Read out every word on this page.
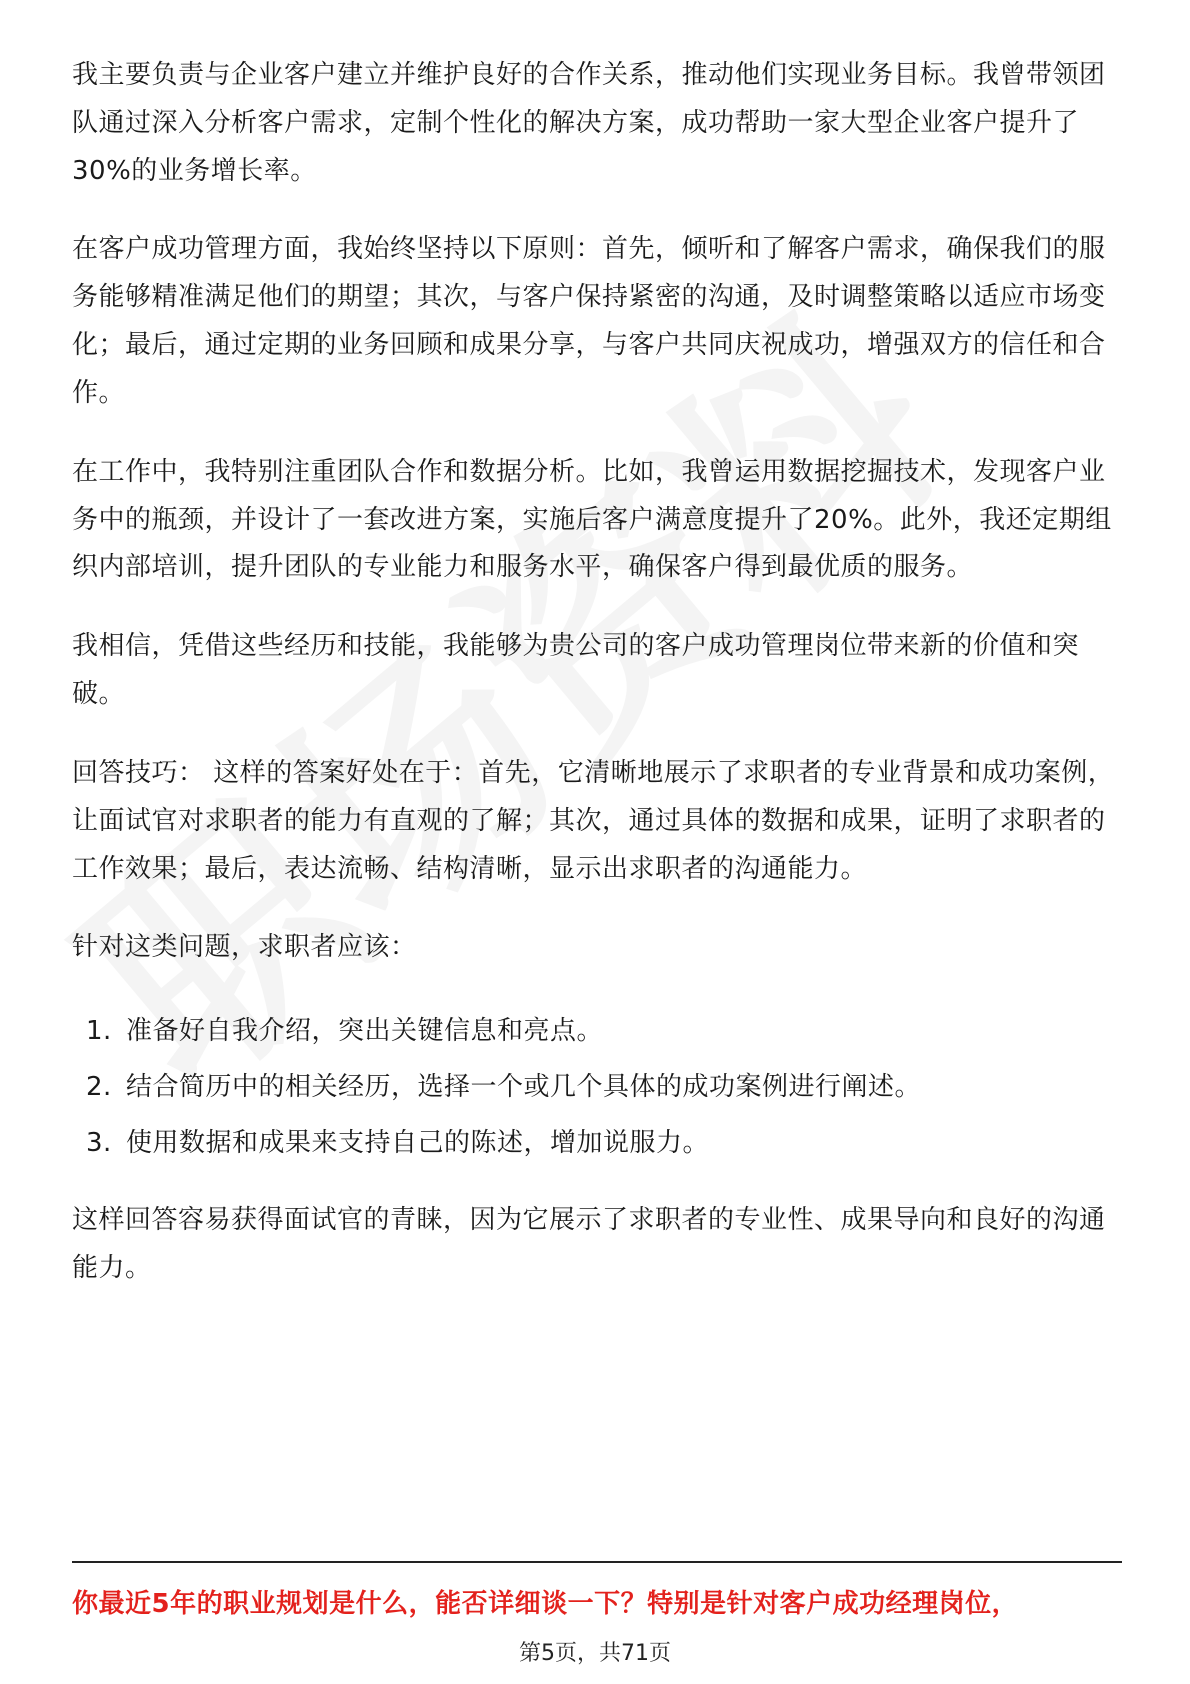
我主要负责与企业客户建立并维护良好的合作关系，推动他们实现业务目标。我曾带领团队通过深入分析客户需求，定制个性化的解决方案，成功帮助一家大型企业客户提升了30%的业务增长率。

在客户成功管理方面，我始终坚持以下原则：首先，倾听和了解客户需求，确保我们的服务能够精准满足他们的期望；其次，与客户保持紧密的沟通，及时调整策略以适应市场变化；最后，通过定期的业务回顾和成果分享，与客户共同庆祝成功，增强双方的信任和合作。

在工作中，我特别注重团队合作和数据分析。比如，我曾运用数据挖掘技术，发现客户业务中的瓶颈，并设计了一套改进方案，实施后客户满意度提升了20%。此外，我还定期组织内部培训，提升团队的专业能力和服务水平，确保客户得到最优质的服务。

我相信，凭借这些经历和技能，我能够为贵公司的客户成功管理岗位带来新的价值和突破。

回答技巧： 这样的答案好处在于：首先，它清晰地展示了求职者的专业背景和成功案例，让面试官对求职者的能力有直观的了解；其次，通过具体的数据和成果，证明了求职者的工作效果；最后，表达流畅、结构清晰，显示出求职者的沟通能力。

针对这类问题，求职者应该：

1. 准备好自我介绍，突出关键信息和亮点。
2. 结合简历中的相关经历，选择一个或几个具体的成功案例进行阐述。
3. 使用数据和成果来支持自己的陈述，增加说服力。

这样回答容易获得面试官的青睐，因为它展示了求职者的专业性、成果导向和良好的沟通能力。

你最近5年的职业规划是什么，能否详细谈一下？特别是针对客户成功经理岗位，
第5页，共71页
